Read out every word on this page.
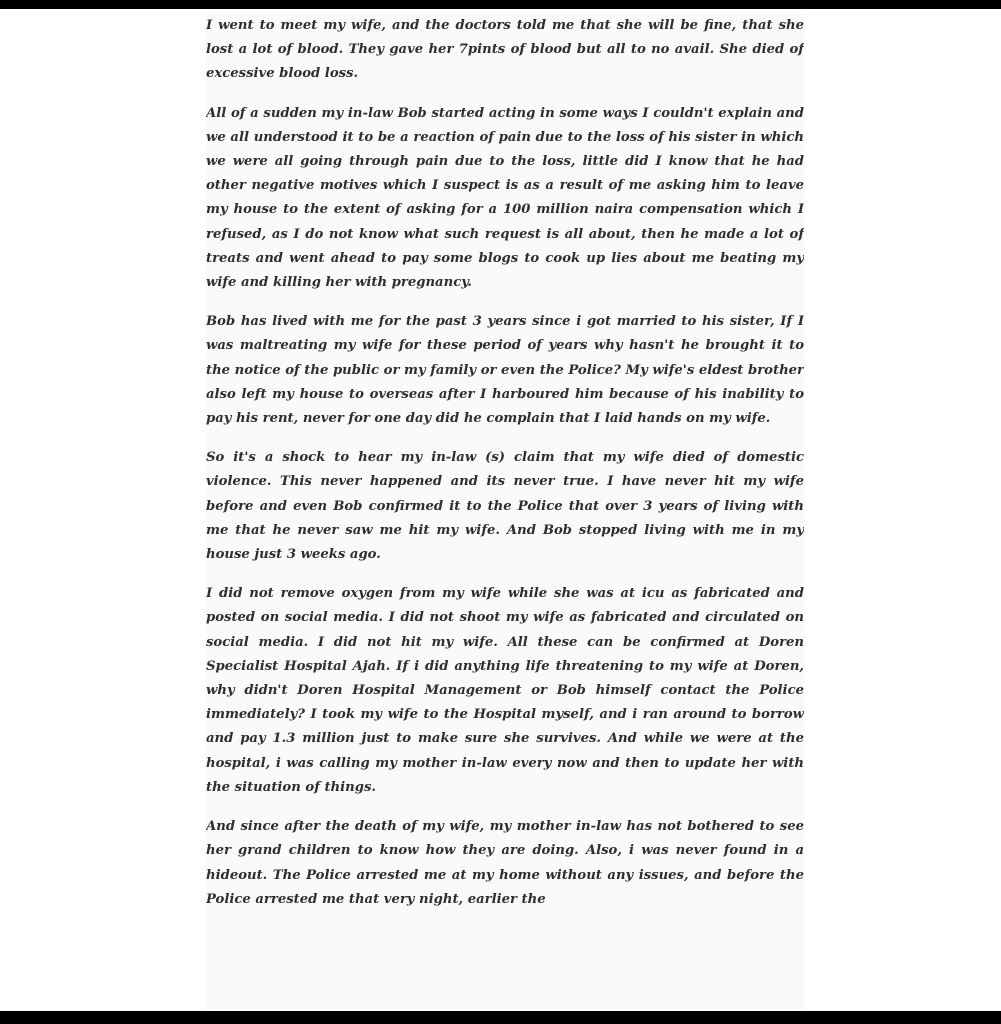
I went to meet my wife, and the doctors told me that she will be fine, that she lost a lot of blood. They gave her 7pints of blood but all to no avail. She died of excessive blood loss.

All of a sudden my in-law Bob started acting in some ways I couldn't explain and we all understood it to be a reaction of pain due to the loss of his sister in which we were all going through pain due to the loss, little did I know that he had other negative motives which I suspect is as a result of me asking him to leave my house to the extent of asking for a 100 million naira compensation which I refused, as I do not know what such request is all about, then he made a lot of treats and went ahead to pay some blogs to cook up lies about me beating my wife and killing her with pregnancy.

Bob has lived with me for the past 3 years since i got married to his sister, If I was maltreating my wife for these period of years why hasn't he brought it to the notice of the public or my family or even the Police? My wife's eldest brother also left my house to overseas after I harboured him because of his inability to pay his rent, never for one day did he complain that I laid hands on my wife.

So it's a shock to hear my in-law (s) claim that my wife died of domestic violence. This never happened and its never true. I have never hit my wife before and even Bob confirmed it to the Police that over 3 years of living with me that he never saw me hit my wife. And Bob stopped living with me in my house just 3 weeks ago.

I did not remove oxygen from my wife while she was at icu as fabricated and posted on social media. I did not shoot my wife as fabricated and circulated on social media. I did not hit my wife. All these can be confirmed at Doren Specialist Hospital Ajah. If i did anything life threatening to my wife at Doren, why didn't Doren Hospital Management or Bob himself contact the Police immediately? I took my wife to the Hospital myself, and i ran around to borrow and pay 1.3 million just to make sure she survives. And while we were at the hospital, i was calling my mother in-law every now and then to update her with the situation of things.

And since after the death of my wife, my mother in-law has not bothered to see her grand children to know how they are doing. Also, i was never found in a hideout. The Police arrested me at my home without any issues, and before the Police arrested me that very night, earlier the
